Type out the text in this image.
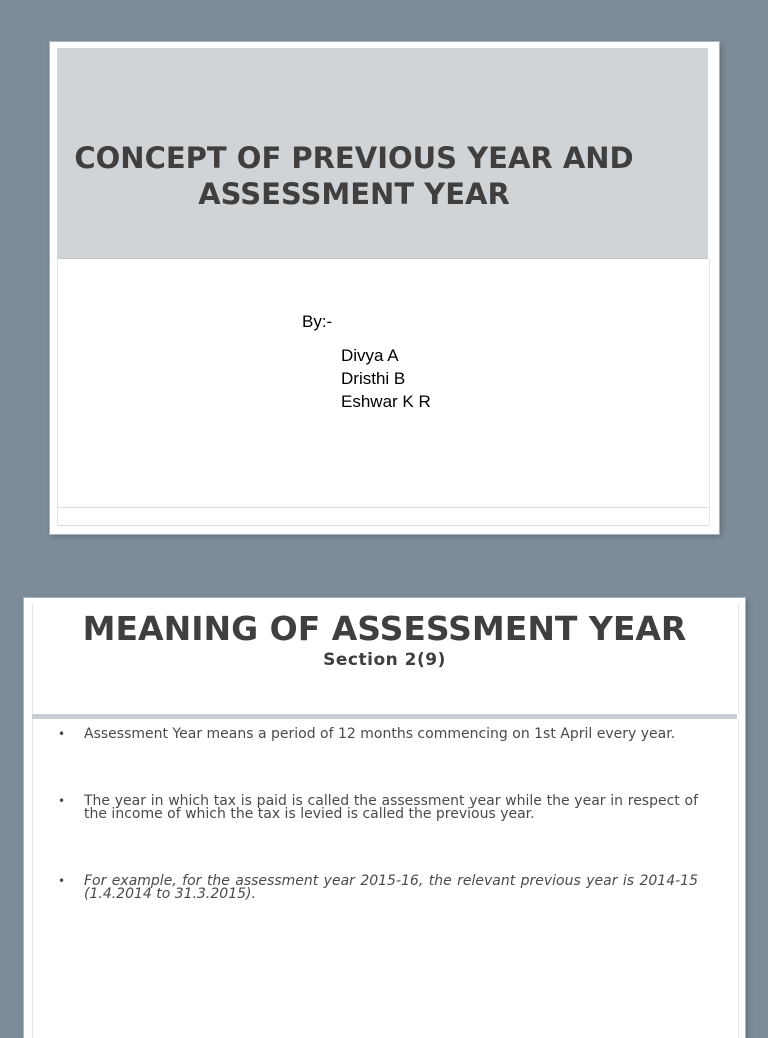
CONCEPT OF PREVIOUS YEAR AND
ASSESSMENT YEAR
By:-
Divya A
Dristhi B
Eshwar K R
MEANING OF ASSESSMENT YEAR
Section 2(9)
• Assessment Year means a period of 12 months commencing on 1st April every year.
• The year in which tax is paid is called the assessment year while the year in respect of the income of which the tax is levied is called the previous year.
• For example, for the assessment year 2015-16, the relevant previous year is 2014-15 (1.4.2014 to 31.3.2015).
